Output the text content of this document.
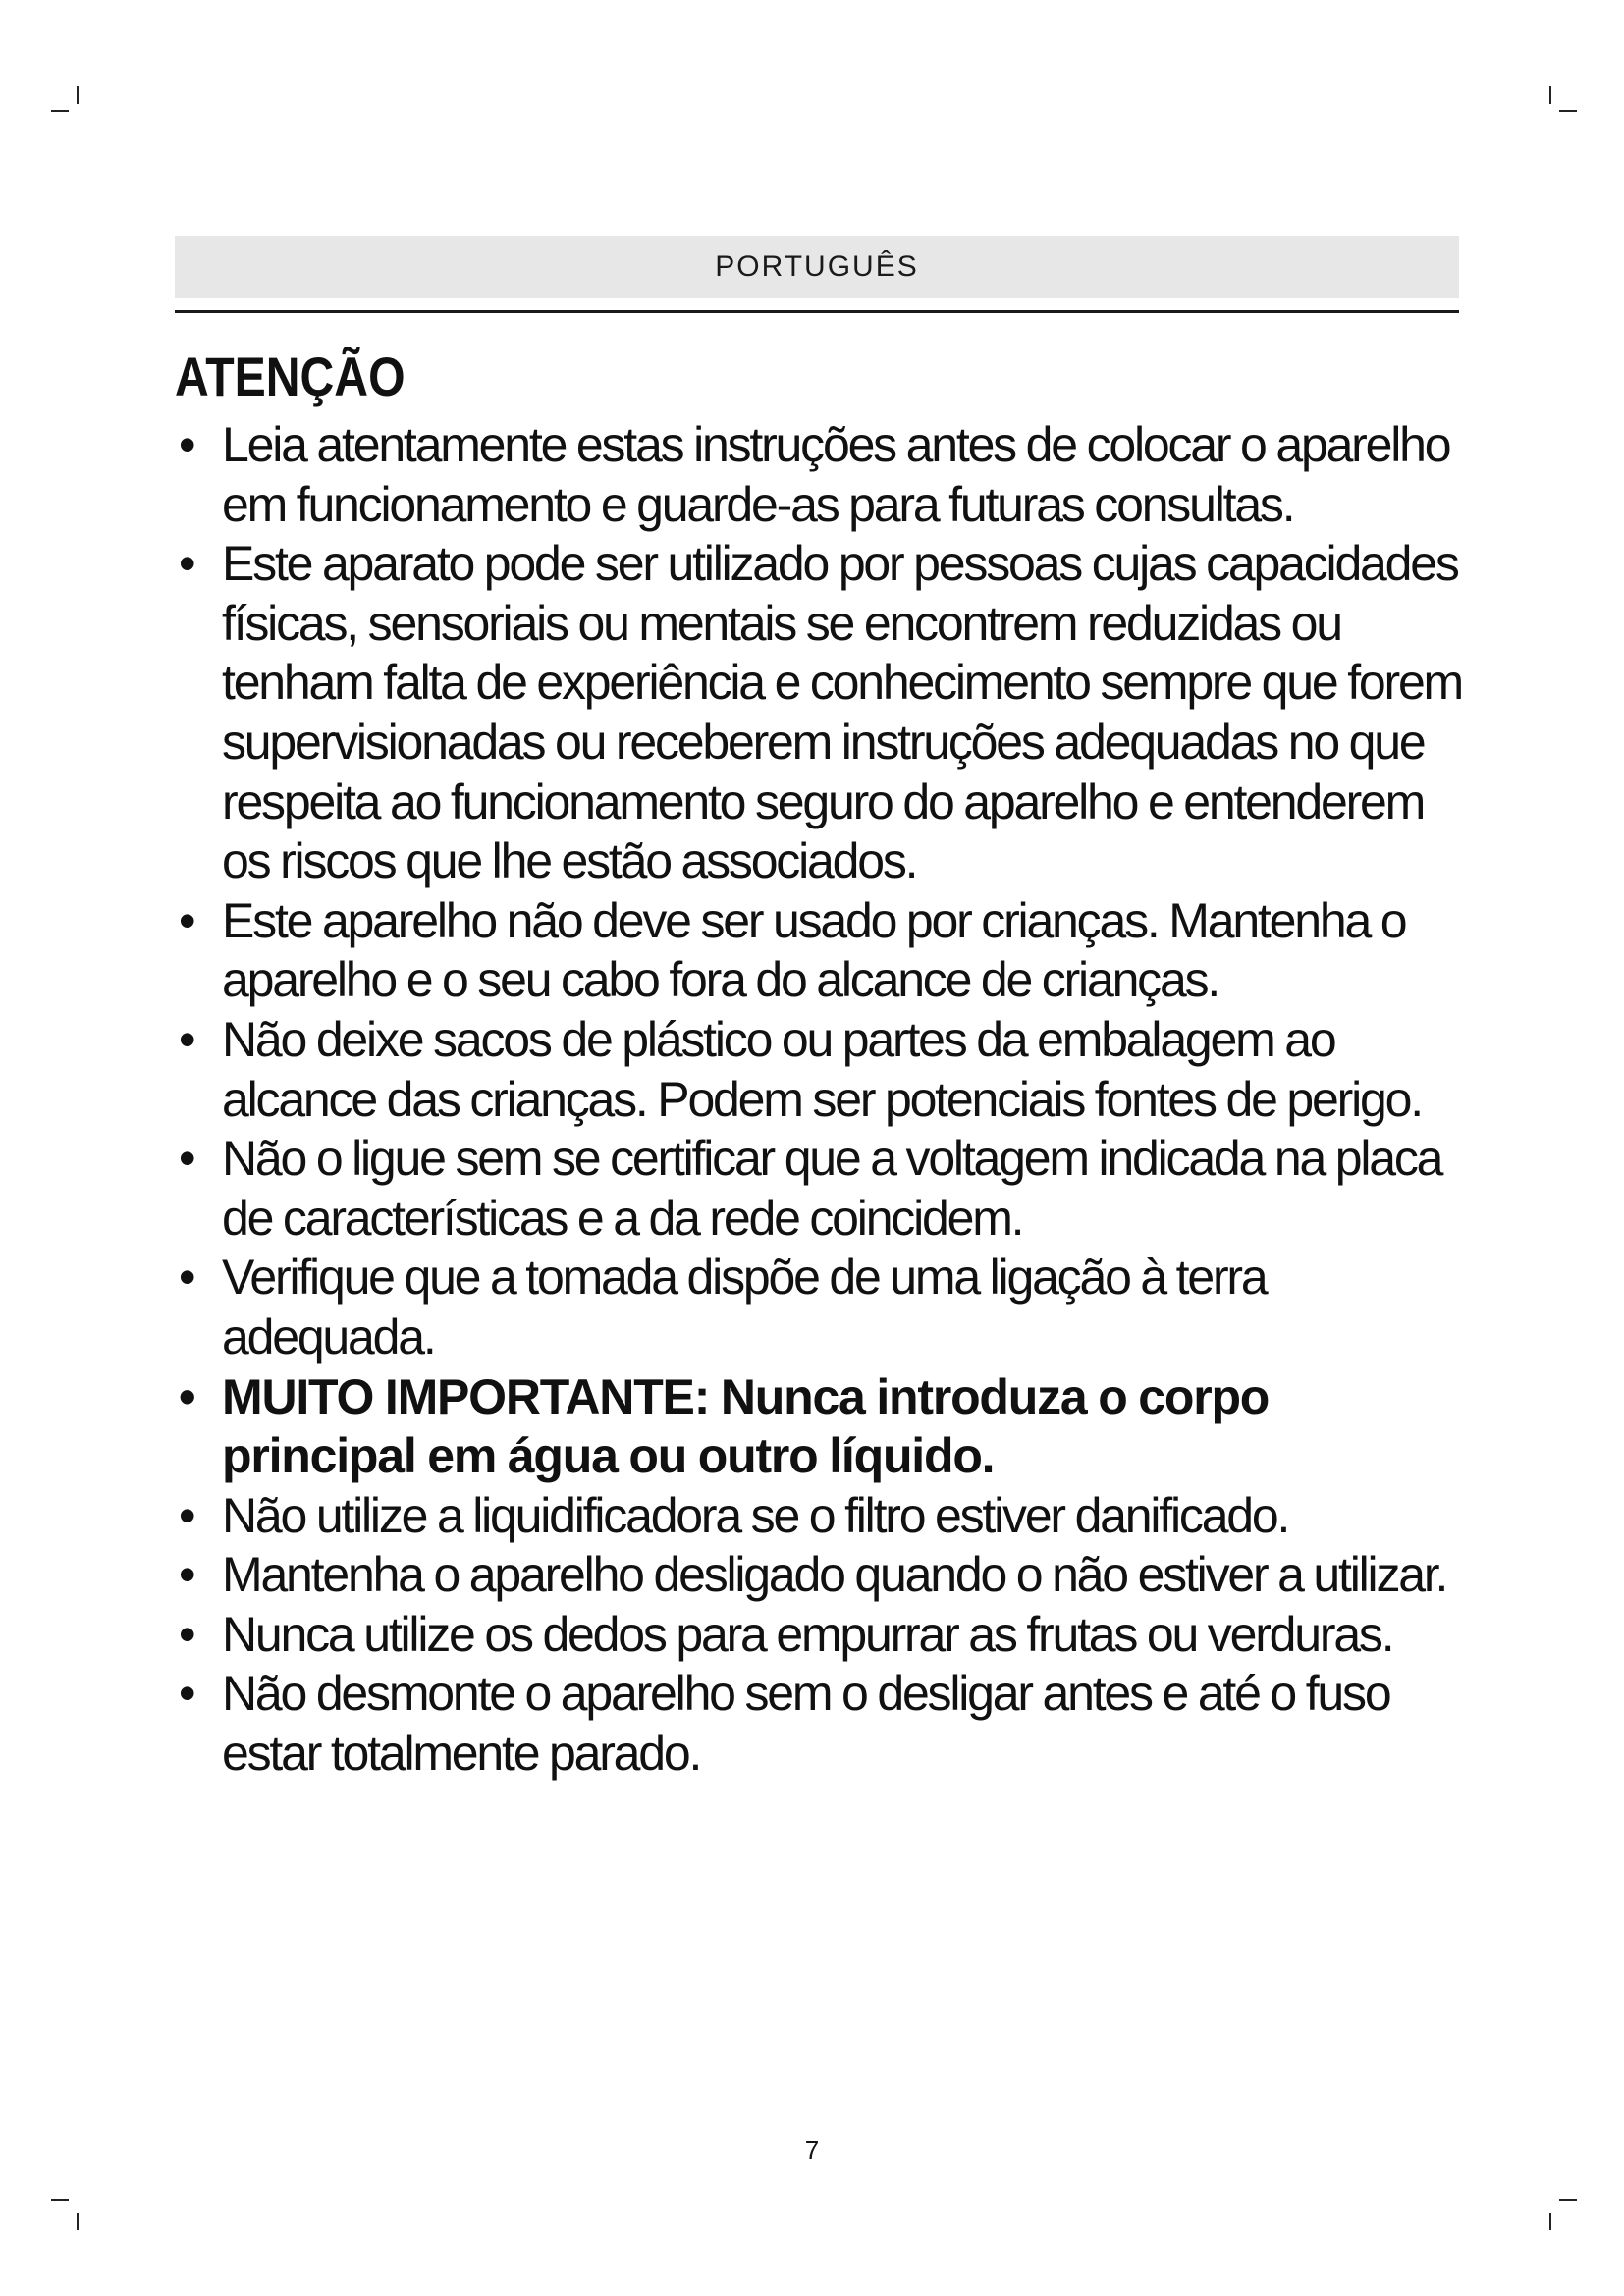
PORTUGUÊS
ATENÇÃO
• Leia atentamente estas instruções antes de colocar o aparelho em funcionamento e guarde-as para futuras consultas.
• Este aparato pode ser utilizado por pessoas cujas capacidades físicas, sensoriais ou mentais se encontrem reduzidas ou tenham falta de experiência e conhecimento sempre que forem supervisionadas ou receberem instruções adequadas no que respeita ao funcionamento seguro do aparelho e entenderem os riscos que lhe estão associados.
• Este aparelho não deve ser usado por crianças. Mantenha o aparelho e o seu cabo fora do alcance de crianças.
• Não deixe sacos de plástico ou partes da embalagem ao alcance das crianças. Podem ser potenciais fontes de perigo.
• Não o ligue sem se certificar que a voltagem indicada na placa de características e a da rede coincidem.
• Verifique que a tomada dispõe de uma ligação à terra adequada.
• MUITO IMPORTANTE: Nunca introduza o corpo principal em água ou outro líquido.
• Não utilize a liquidificadora se o filtro estiver danificado.
• Mantenha o aparelho desligado quando o não estiver a utilizar.
• Nunca utilize os dedos para empurrar as frutas ou verduras.
• Não desmonte o aparelho sem o desligar antes e até o fuso estar totalmente parado.
7
